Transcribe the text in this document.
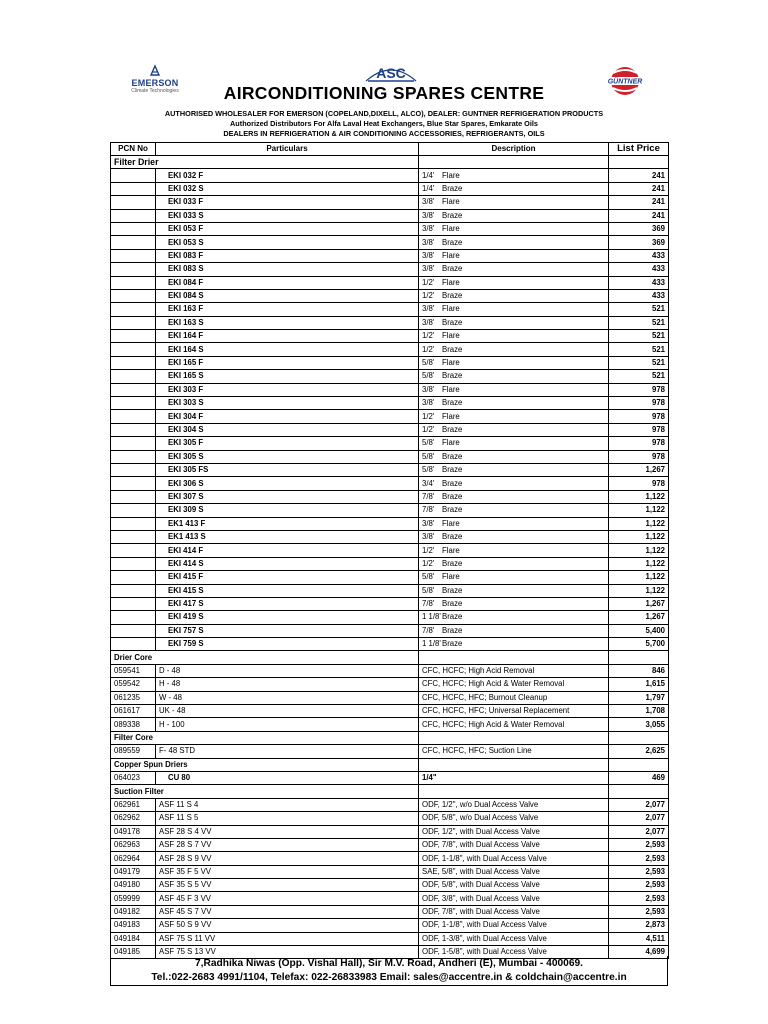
EMERSON
Climate Technologies
ASC
GÜNTNER
AIRCONDITIONING SPARES CENTRE
AUTHORISED WHOLESALER FOR EMERSON (COPELAND,DIXELL, ALCO), DEALER: GUNTNER REFRIGERATION PRODUCTS
Authorized Distributors For Alfa Laval Heat Exchangers, Blue Star Spares, Emkarate Oils
DEALERS IN REFRIGERATION & AIR CONDITIONING ACCESSORIES, REFRIGERANTS, OILS
PCN No	Particulars	Description	List Price
Filter Drier			
	EKI 032 F	1/4' Flare	241
	EKI 032 S	1/4' Braze	241
	EKI 033 F	3/8' Flare	241
	EKI 033 S	3/8' Braze	241
	EKI 053 F	3/8' Flare	369
	EKI 053 S	3/8' Braze	369
	EKI 083 F	3/8' Flare	433
	EKI 083 S	3/8' Braze	433
	EKI 084 F	1/2' Flare	433
	EKI 084 S	1/2' Braze	433
	EKI 163 F	3/8' Flare	521
	EKI 163 S	3/8' Braze	521
	EKI 164 F	1/2' Flare	521
	EKI 164 S	1/2' Braze	521
	EKI 165 F	5/8' Flare	521
	EKI 165 S	5/8' Braze	521
	EKI 303 F	3/8' Flare	978
	EKI 303 S	3/8' Braze	978
	EKI 304 F	1/2' Flare	978
	EKI 304 S	1/2' Braze	978
	EKI 305 F	5/8' Flare	978
	EKI 305 S	5/8' Braze	978
	EKI 305 FS	5/8' Braze	1,267
	EKI 306 S	3/4' Braze	978
	EKI 307 S	7/8' Braze	1,122
	EKI 309 S	7/8' Braze	1,122
	EK1 413 F	3/8' Flare	1,122
	EK1 413 S	3/8' Braze	1,122
	EKI 414 F	1/2' Flare	1,122
	EKI 414 S	1/2' Braze	1,122
	EKI 415 F	5/8' Flare	1,122
	EKI 415 S	5/8' Braze	1,122
	EKI 417 S	7/8' Braze	1,267
	EKI 419 S	1 1/8'Braze	1,267
	EKI 757 S	7/8' Braze	5,400
	EKI 759 S	1 1/8'Braze	5,700
Drier Core			
059541	D - 48	CFC, HCFC; High Acid Removal	846
059542	H - 48	CFC, HCFC; High Acid & Water Removal	1,615
061235	W - 48	CFC, HCFC, HFC; Burnout Cleanup	1,797
061617	UK - 48	CFC, HCFC, HFC; Universal Replacement	1,708
089338	H - 100	CFC, HCFC; High Acid & Water Removal	3,055
Filter Core			
089559	F- 48 STD	CFC, HCFC, HFC; Suction Line	2,625
Copper Spun Driers			
064023	CU 80	1/4"	469
Suction Filter			
062961	ASF 11 S 4	ODF, 1/2", w/o Dual Access Valve	2,077
062962	ASF 11 S 5	ODF, 5/8", w/o Dual Access Valve	2,077
049178	ASF 28 S 4 VV	ODF, 1/2", with Dual Access Valve	2,077
062963	ASF 28 S 7 VV	ODF, 7/8", with Dual Access Valve	2,593
062964	ASF 28 S 9 VV	ODF, 1-1/8", with Dual Access Valve	2,593
049179	ASF 35 F 5 VV	SAE, 5/8", with Dual Access Valve	2,593
049180	ASF 35 S 5 VV	ODF, 5/8", with Dual Access Valve	2,593
059999	ASF 45 F 3 VV	ODF, 3/8", with Dual Access Valve	2,593
049182	ASF 45 S 7 VV	ODF, 7/8", with Dual Access Valve	2,593
049183	ASF 50 S 9 VV	ODF, 1-1/8", with Dual Access Valve	2,873
049184	ASF 75 S 11 VV	ODF, 1-3/8", with Dual Access Valve	4,511
049185	ASF 75 S 13 VV	ODF, 1-5/8", with Dual Access Valve	4,699
7,Radhika Niwas (Opp. Vishal Hall), Sir M.V. Road, Andheri (E), Mumbai - 400069.
Tel.:022-2683 4991/1104, Telefax: 022-26833983 Email: sales@accentre.in & coldchain@accentre.in
